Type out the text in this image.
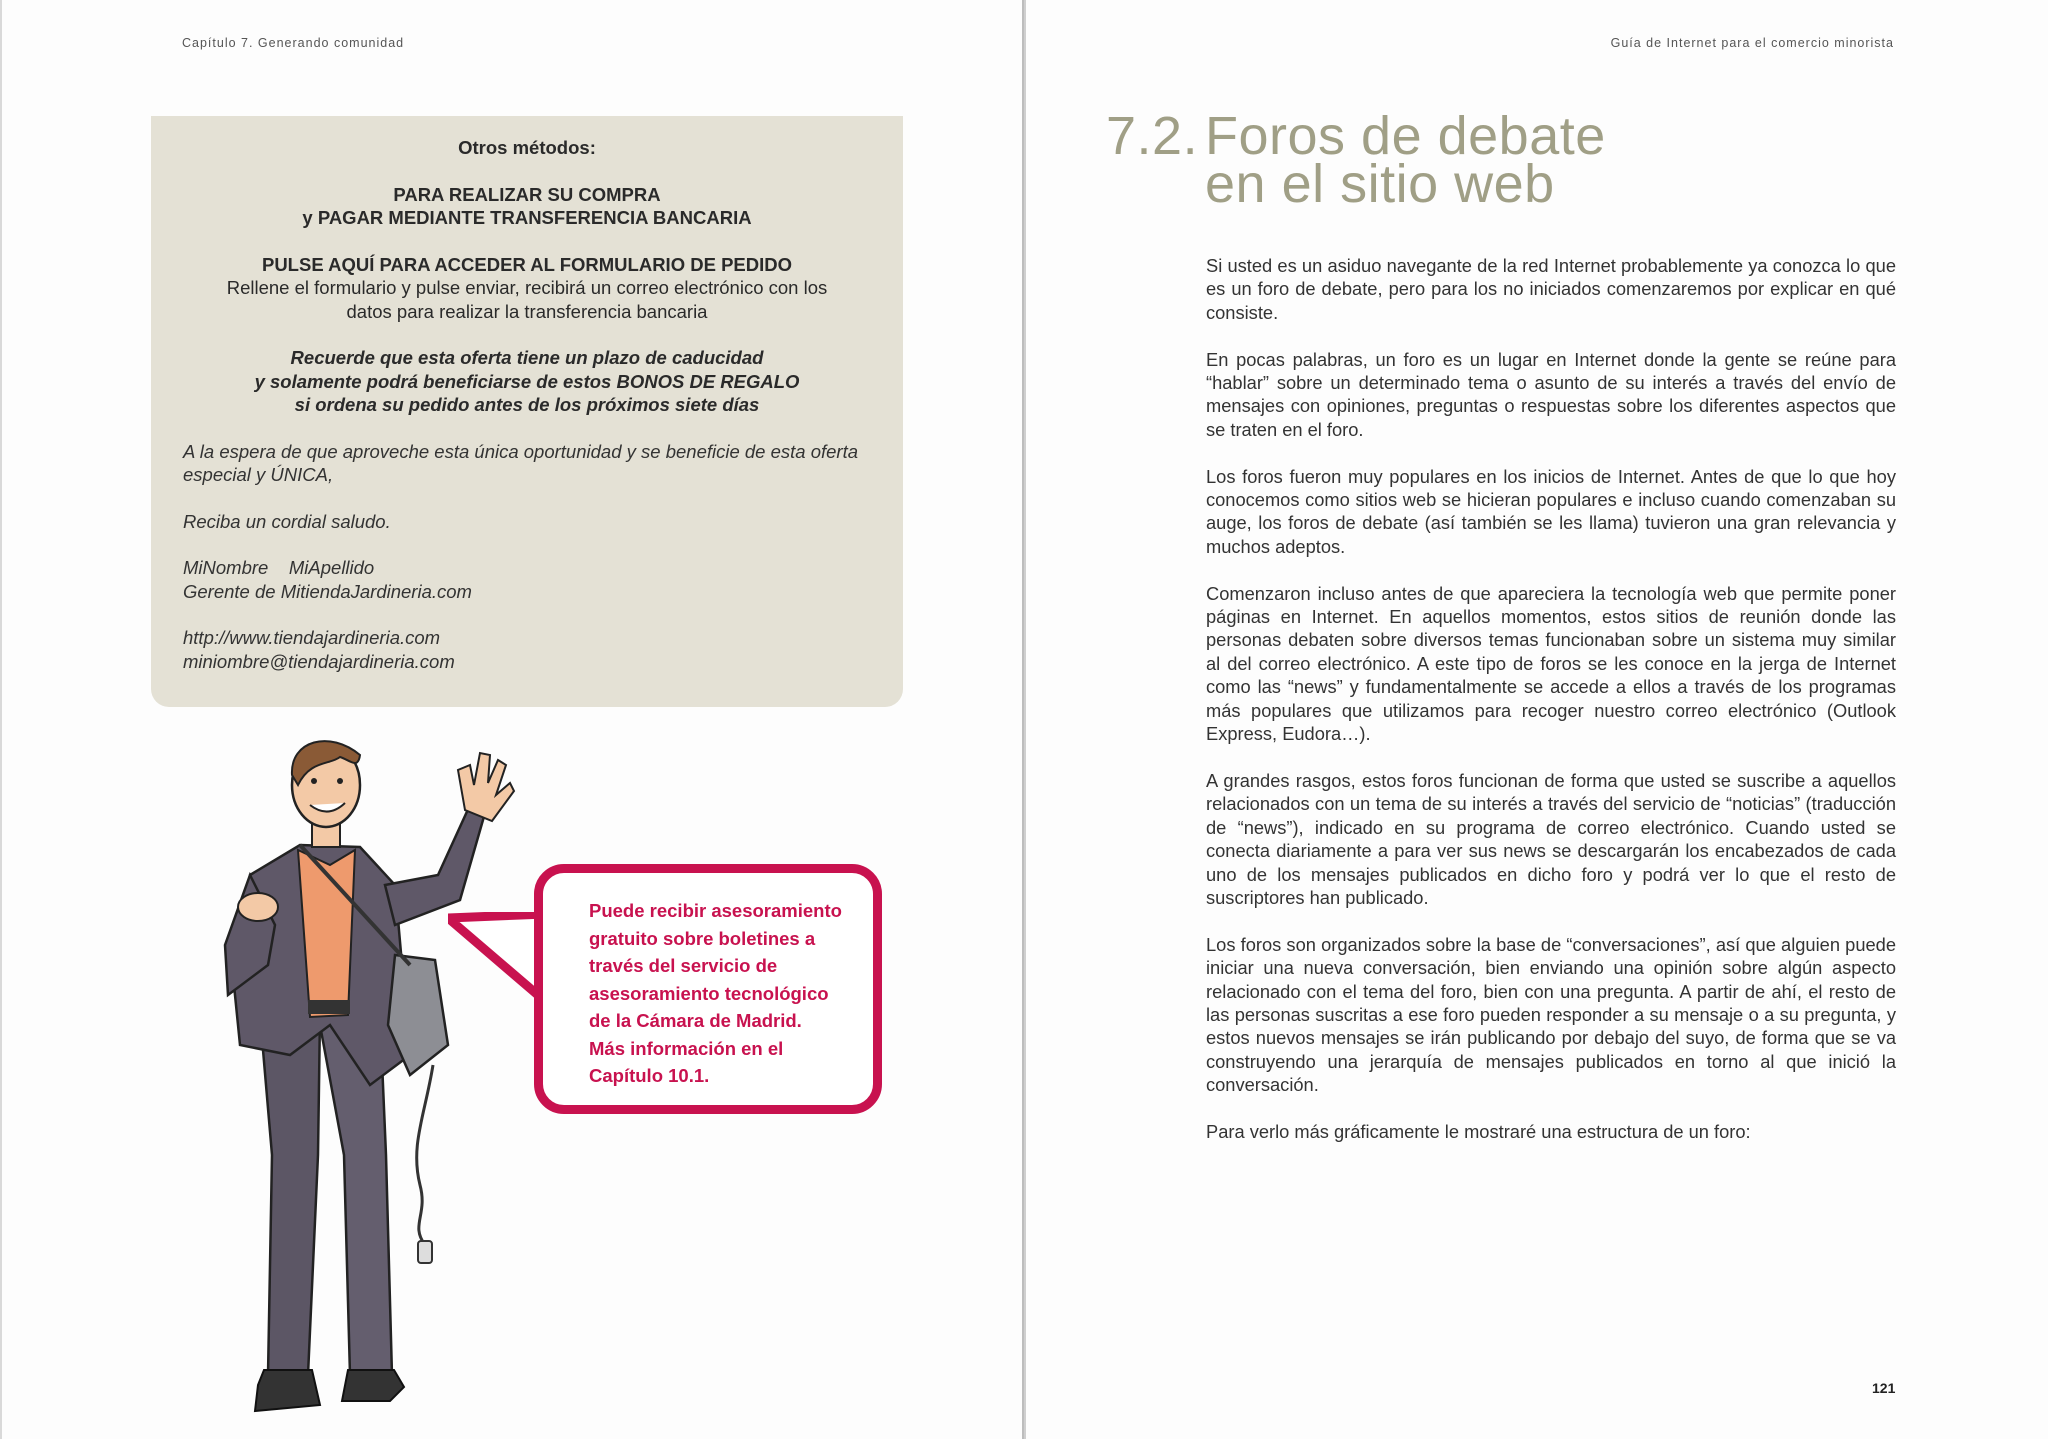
Capítulo 7. Generando comunidad	Guía de Internet para el comercio minorista
Otros métodos:
PARA REALIZAR SU COMPRA
y PAGAR MEDIANTE TRANSFERENCIA BANCARIA
PULSE AQUÍ PARA ACCEDER AL FORMULARIO DE PEDIDO
Rellene el formulario y pulse enviar, recibirá un correo electrónico con los
datos para realizar la transferencia bancaria
Recuerde que esta oferta tiene un plazo de caducidad
y solamente podrá beneficiarse de estos BONOS DE REGALO
si ordena su pedido antes de los próximos siete días
A la espera de que aproveche esta única oportunidad y se beneficie de esta oferta
especial y ÚNICA,
Reciba un cordial saludo.
MiNombre    MiApellido
Gerente de MitiendaJardineria.com
http://www.tiendajardineria.com
miniombre@tiendajardineria.com
Puede recibir asesoramiento
gratuito sobre boletines a
través del servicio de
asesoramiento tecnológico
de la Cámara de Madrid.
Más información en el
Capítulo 10.1.
7.2. Foros de debate
en el sitio web

Si usted es un asiduo navegante de la red Internet probablemente ya conozca lo que es un foro de debate, pero para los no iniciados comenzaremos por explicar en qué consiste.

En pocas palabras, un foro es un lugar en Internet donde la gente se reúne para “hablar” sobre un determinado tema o asunto de su interés a través del envío de mensajes con opiniones, preguntas o respuestas sobre los diferentes aspectos que se traten en el foro.

Los foros fueron muy populares en los inicios de Internet. Antes de que lo que hoy conocemos como sitios web se hicieran populares e incluso cuando comenzaban su auge, los foros de debate (así también se les llama) tuvieron una gran relevancia y muchos adeptos.

Comenzaron incluso antes de que apareciera la tecnología web que permite poner páginas en Internet. En aquellos momentos, estos sitios de reunión donde las personas debaten sobre diversos temas funcionaban sobre un sistema muy similar al del correo electrónico. A este tipo de foros se les conoce en la jerga de Internet como las “news” y fundamentalmente se accede a ellos a través de los programas más populares que utilizamos para recoger nuestro correo electrónico (Outlook Express, Eudora…).

A grandes rasgos, estos foros funcionan de forma que usted se suscribe a aquellos relacionados con un tema de su interés a través del servicio de “noticias” (traducción de “news”), indicado en su programa de correo electrónico. Cuando usted se conecta diariamente a para ver sus news se descargarán los encabezados de cada uno de los mensajes publicados en dicho foro y podrá ver lo que el resto de suscriptores han publicado.

Los foros son organizados sobre la base de “conversaciones”, así que alguien puede iniciar una nueva conversación, bien enviando una opinión sobre algún aspecto relacionado con el tema del foro, bien con una pregunta. A partir de ahí, el resto de las personas suscritas a ese foro pueden responder a su mensaje o a su pregunta, y estos nuevos mensajes se irán publicando por debajo del suyo, de forma que se va construyendo una jerarquía de mensajes publicados en torno al que inició la conversación.

Para verlo más gráficamente le mostraré una estructura de un foro:

121
